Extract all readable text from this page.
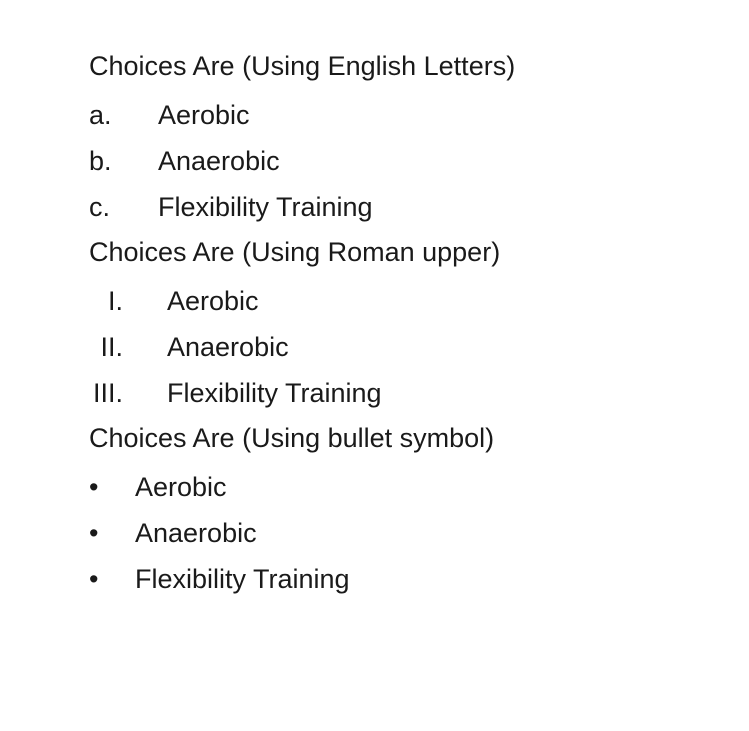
Choices Are (Using English Letters)

a. Aerobic
b. Anaerobic
c. Flexibility Training

Choices Are (Using Roman upper)

I. Aerobic
II. Anaerobic
III. Flexibility Training

Choices Are (Using bullet symbol)

• Aerobic
• Anaerobic
• Flexibility Training
